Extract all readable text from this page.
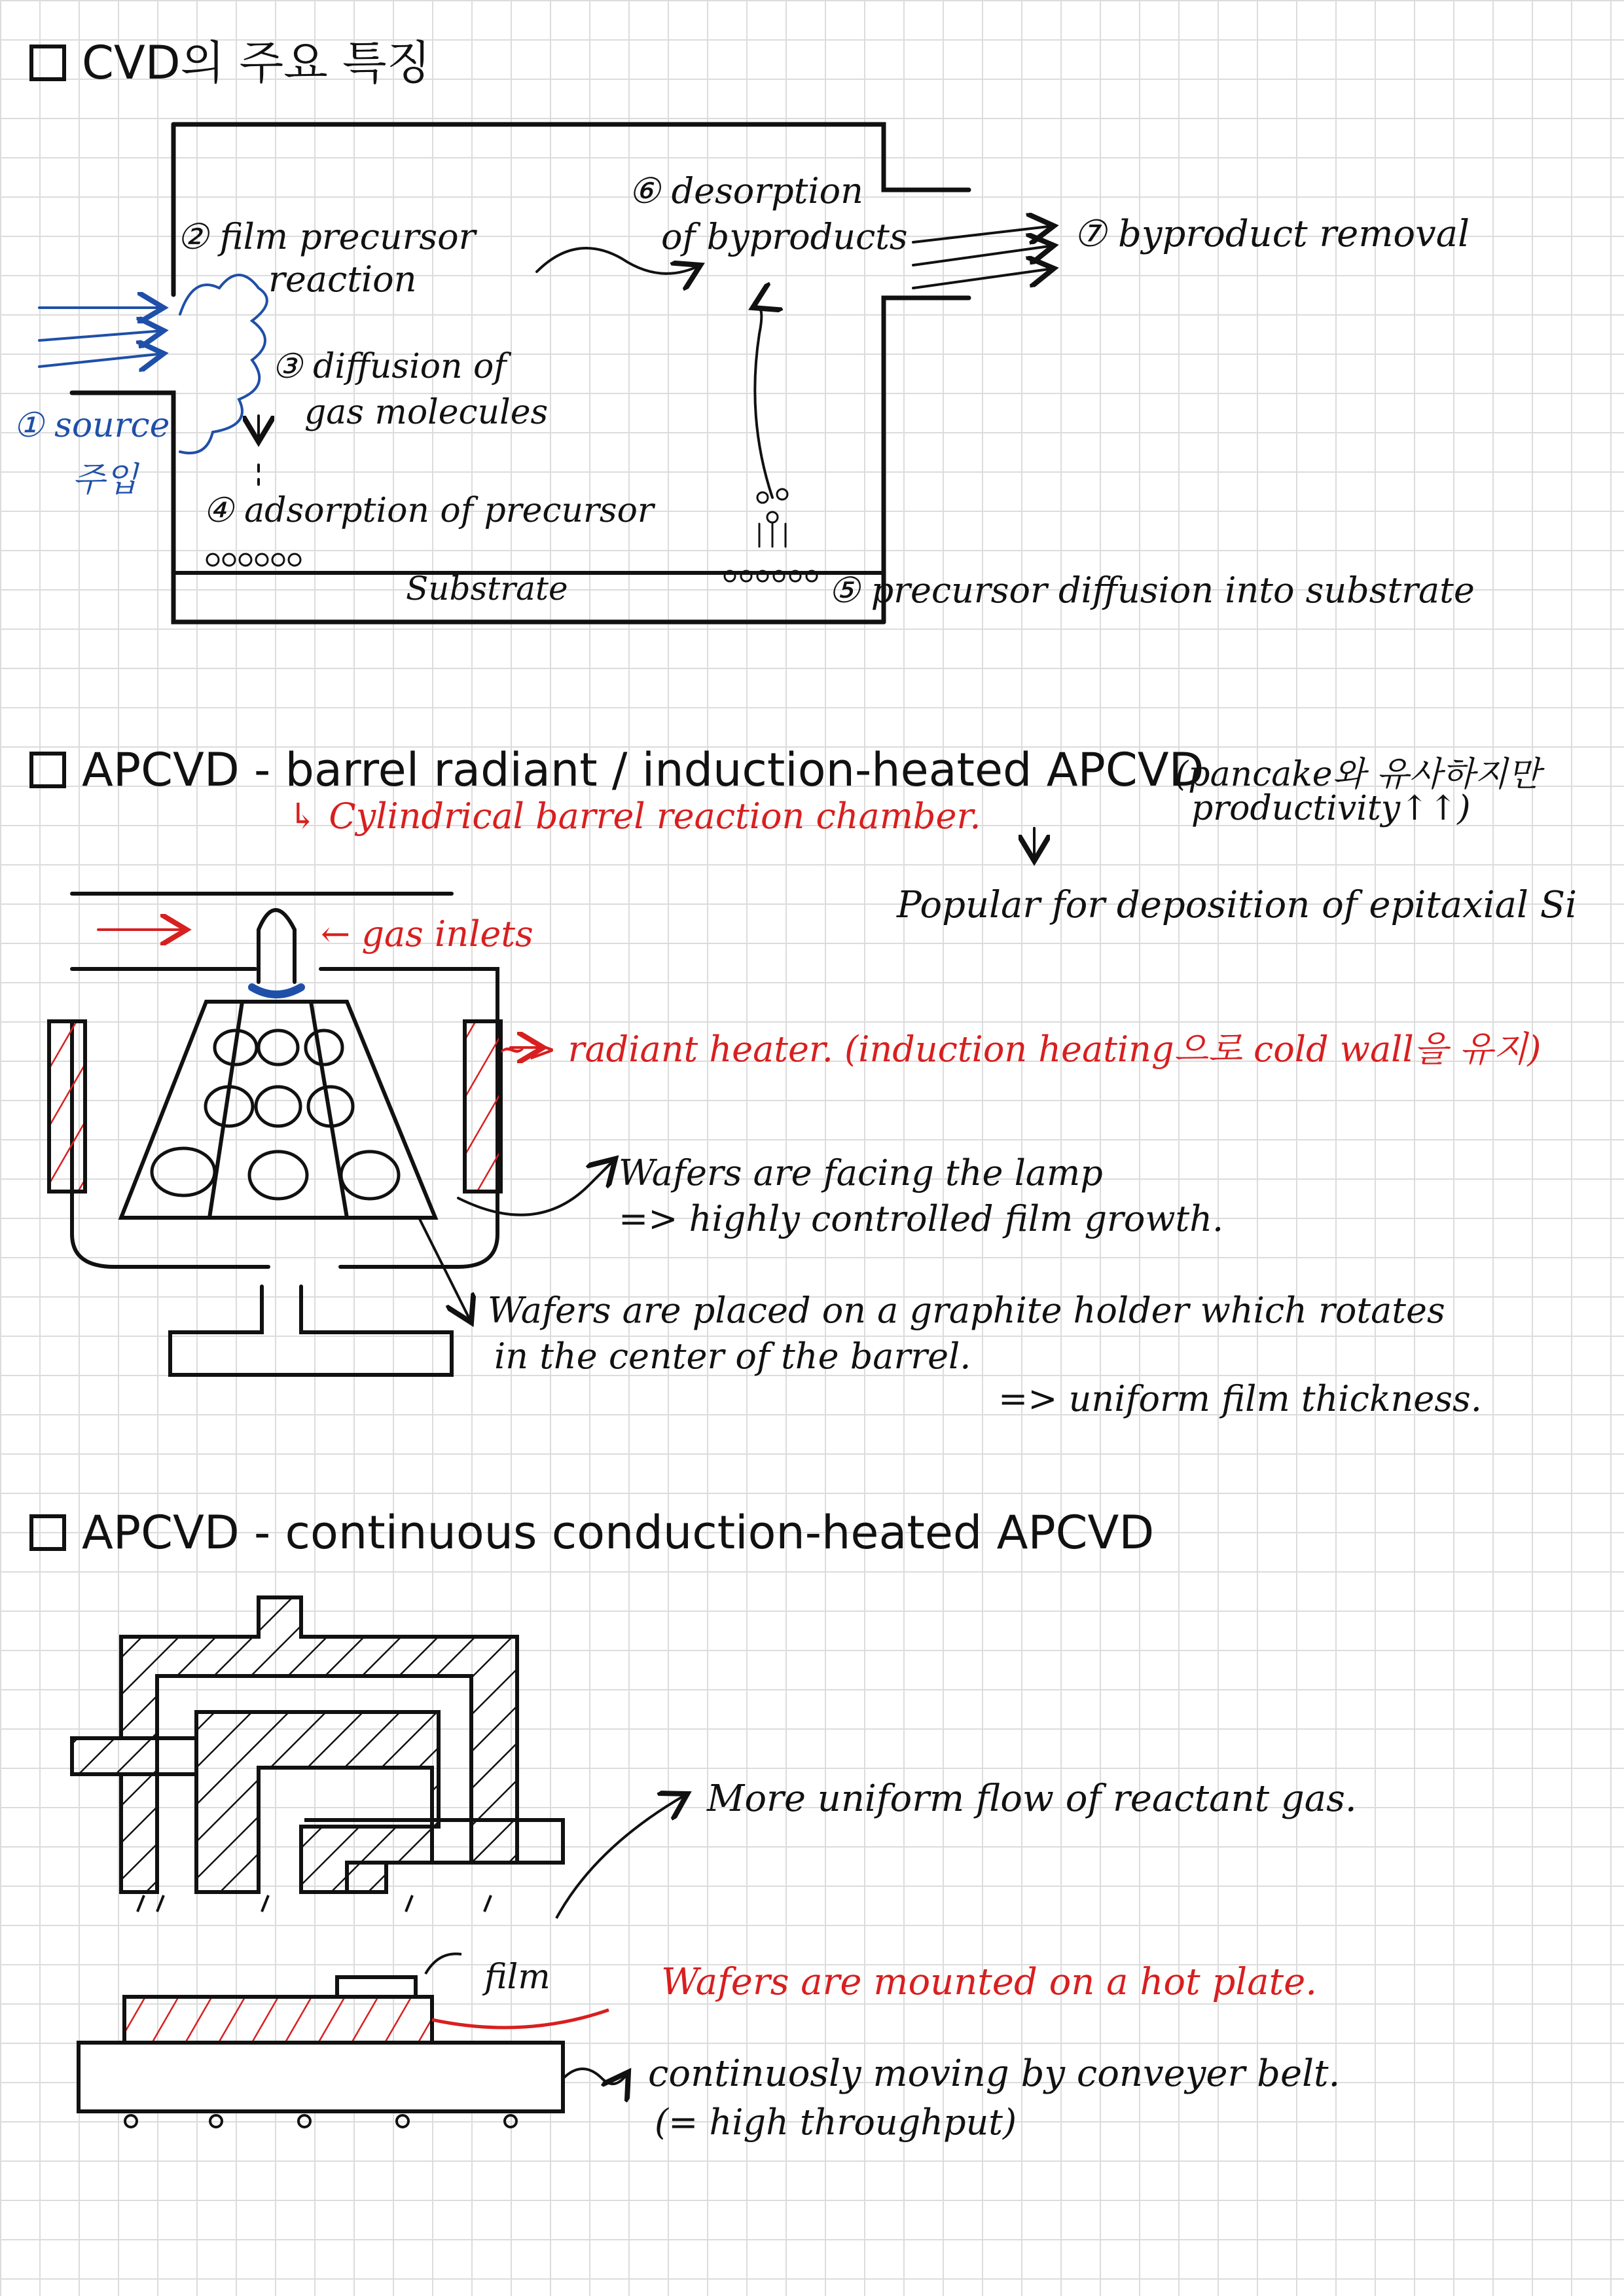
CVD의 주요 특징
APCVD - barrel radiant / induction-heated APCVD
APCVD - continuous conduction-heated APCVD
① source
주입
② film precursor
reaction
③ diffusion of
gas molecules
④ adsorption of precursor
Substrate	⑤ precursor diffusion into substrate
⑥ desorption
of byproducts	⑦ byproduct removal
(pancake와 유사하지만
productivity↑↑)
↳ Cylindrical barrel reaction chamber.
Popular for deposition of epitaxial Si
← gas inlets
~> radiant heater. (induction heating으로 cold wall을 유지)
Wafers are facing the lamp
=> highly controlled film growth.
Wafers are placed on a graphite holder which rotates
in the center of the barrel.
=> uniform film thickness.
More uniform flow of reactant gas.
film	Wafers are mounted on a hot plate.
continuosly moving by conveyer belt.
(= high throughput)
